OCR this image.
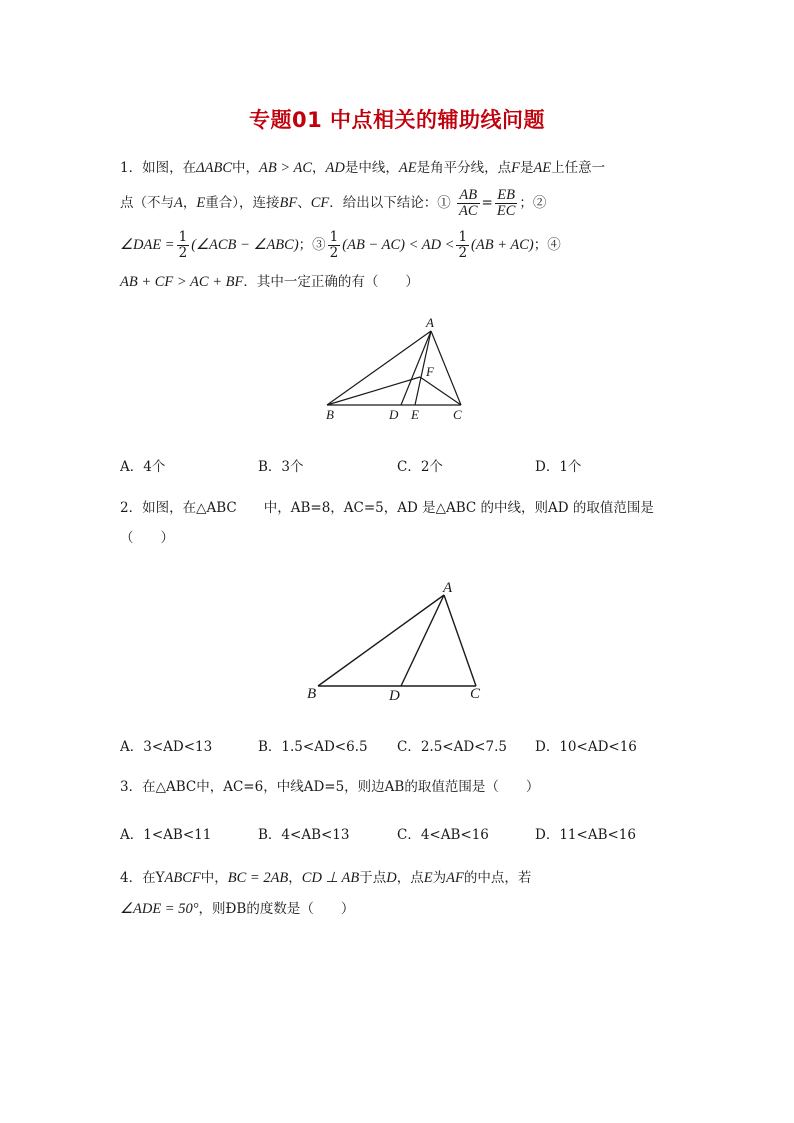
专题01 中点相关的辅助线问题
1．如图，在ΔABC中，AB > AC，AD是中线，AE是角平分线，点F是AE上任意一
点（不与A，E重合），连接BF、CF．给出以下结论：① $\frac{AB}{AC} = \frac{EB}{EC}$ ；②
∠DAE = $\frac{1}{2}$ (∠ACB − ∠ABC)；③ $\frac{1}{2} (AB - AC)$ < AD < $\frac{1}{2} (AB + AC)$；④
AB + CF > AC + BF．其中一定正确的有（　　）
A
F
B	D E	C
A．4个	B．3个	C．2个	D．1个
2．如图，在△ABC　　中，AB=8，AC=5，AD 是△ABC 的中线，则AD 的取值范围是
（　　）
A
B	D	C
A．3<AD<13	B．1.5<AD<6.5 C．2.5<AD<7.5 D．10<AD<16
3．在△ABC中，AC=6，中线AD=5，则边AB的取值范围是（　　）
A．1<AB<11	B．4<AB<13	C．4<AB<16	D．11<AB<16
4．在YABCF中，BC = 2AB，CD ⊥ AB于点D，点E为AF的中点，若
∠ADE = 50°，则ÐB的度数是（　　）
